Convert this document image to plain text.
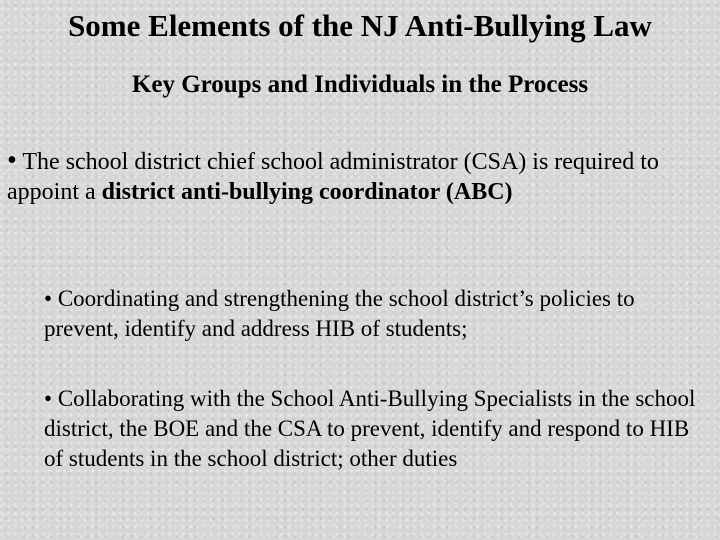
Some Elements of the NJ Anti-Bullying Law
Key Groups and Individuals in the Process
• The school district chief school administrator (CSA) is required to appoint a district anti-bullying coordinator (ABC)
• Coordinating and strengthening the school district’s policies to prevent, identify and address HIB of students;
• Collaborating with the School Anti-Bullying Specialists in the school district, the BOE and the CSA to prevent, identify and respond to HIB of students in the school district; other duties
